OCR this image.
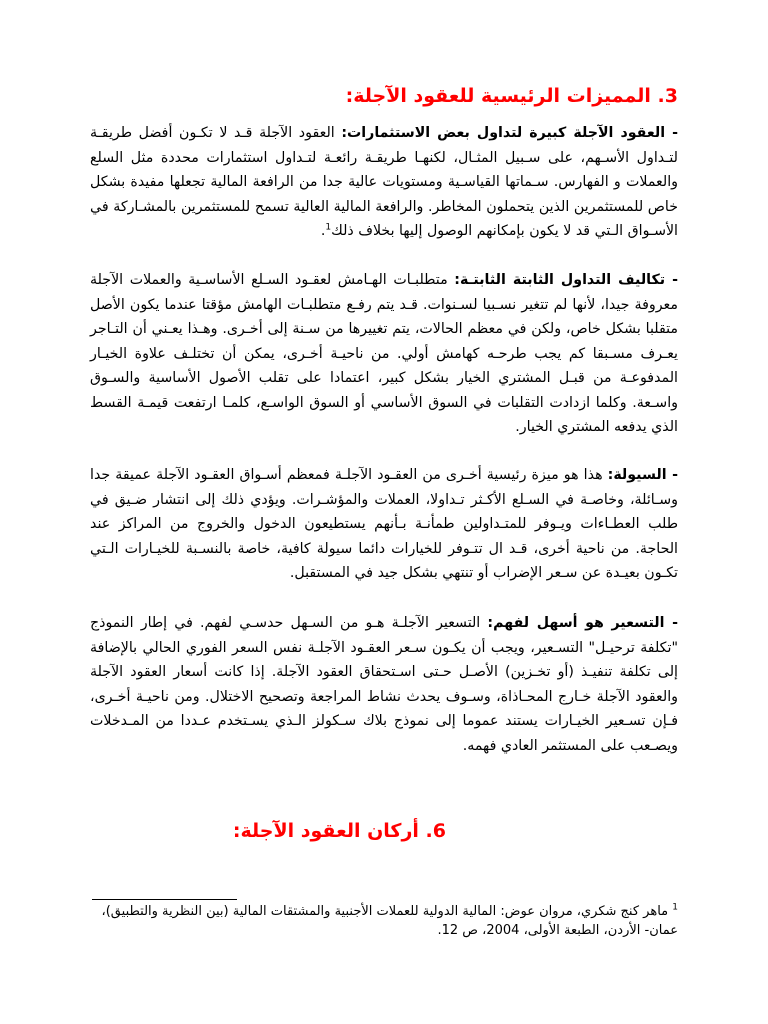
3. المميزات الرئيسية للعقود الآجلة:

- العقود الآجلة كبيرة لتداول بعض الاستثمارات: العقود الآجلة قـد لا تكـون أفضل طريقـة لتـداول الأسـهم، على سـبيل المثـال، لكنهـا طريقـة رائعـة لتـداول استثمارات محددة مثل السلع والعملات و الفهارس. سـماتها القياسـية ومستويات عالية جدا من الرافعة المالية تجعلها مفيدة بشكل خاص للمستثمرين الذين يتحملون المخاطر. والرافعة المالية العالية تسمح للمستثمرين بالمشـاركة في الأسـواق الـتي قد لا يكون بإمكانهم الوصول إليها بخلاف ذلك$^1$.

- تكاليف التداول الثابتة الثابتـة: متطلبـات الهـامش لعقـود السـلع الأساسـية والعملات الآجلة معروفة جيدا، لأنها لم تتغير نسـبيا لسـنوات. قـد يتم رفـع متطلبـات الهامش مؤقتا عندما يكون الأصل متقلبا بشكل خاص، ولكن في معظم الحالات، يتم تغييرها من سـنة إلى أخـرى. وهـذا يعـني أن التـاجر يعـرف مسـبقا كم يجب طرحـه كهامش أولي. من ناحيـة أخـرى، يمكن أن تختلـف علاوة الخيـار المدفوعـة من قبـل المشتري الخيار بشكل كبير، اعتمادا على تقلب الأصول الأساسية والسـوق واسـعة. وكلما ازدادت التقلبات في السوق الأساسي أو السوق الواسـع، كلمـا ارتفعت قيمـة القسط الذي يدفعه المشتري الخيار.

- السيولة: هذا هو ميزة رئيسية أخـرى من العقـود الآجلـة فمعظم أسـواق العقـود الآجلة عميقة جدا وسـائلة، وخاصـة في السـلع الأكـثر تـداولا، العملات والمؤشـرات. ويؤدي ذلك إلى انتشار ضـيق في طلب العطـاءات ويـوفر للمتـداولين طمأنـة بـأنهم يستطيعون الدخول والخروج من المراكز عند الحاجة. من ناحية أخرى، قـد ال تتـوفر للخيارات دائما سيولة كافية، خاصة بالنسـبة للخيـارات الـتي تكـون بعيـدة عن سـعر الإضراب أو تنتهي بشكل جيد في المستقبل.

- التسعير هو أسهل لفهم: التسعير الآجلـة هـو من السـهل حدسـي لفهم. في إطار النموذج "تكلفة ترحيـل" التسـعير، ويجب أن يكـون سـعر العقـود الآجلـة نفس السعر الفوري الحالي بالإضافة إلى تكلفة تنفيـذ (أو تخـزين) الأصـل حـتى اسـتحقاق العقود الآجلة. إذا كانت أسعار العقود الآجلة والعقود الآجلة خـارج المحـاذاة، وسـوف يحدث نشاط المراجعة وتصحيح الاختلال. ومن ناحيـة أخـرى، فـإن تسـعير الخيـارات يستند عموما إلى نموذج بلاك سـكولز الـذي يسـتخدم عـددا من المـدخلات ويصـعب على المستثمر العادي فهمه.

6. أركان العقود الآجلة:
$^1$ ماهر كنج شكري، مروان عوض: المالية الدولية للعملات الأجنبية والمشتقات المالية (بين النظرية والتطبيق)، عمان- الأردن، الطبعة الأولى، 2004، ص 12.
